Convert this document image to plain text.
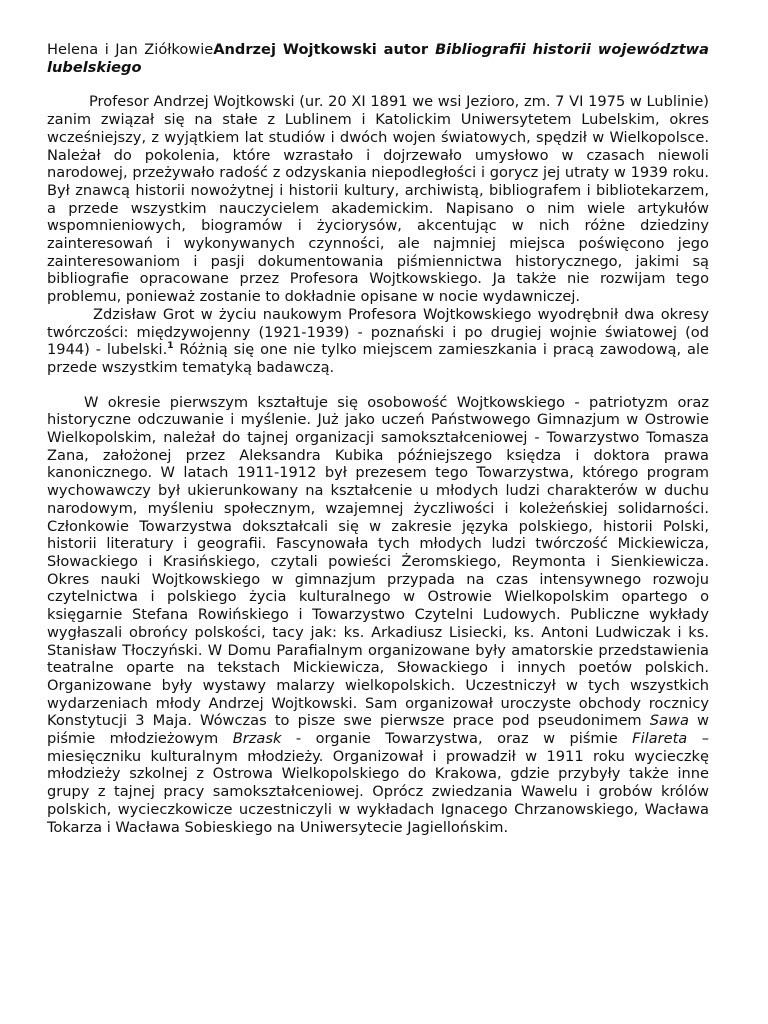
Helena i Jan ZiółkowieAndrzej Wojtkowski autor Bibliografii historii województwa lubelskiego

Profesor Andrzej Wojtkowski (ur. 20 XI 1891 we wsi Jezioro, zm. 7 VI 1975 w Lublinie) zanim związał się na stałe z Lublinem i Katolickim Uniwersytetem Lubelskim, okres wcześniejszy, z wyjątkiem lat studiów i dwóch wojen światowych, spędził w Wielkopolsce. Należał do pokolenia, które wzrastało i dojrzewało umysłowo w czasach niewoli narodowej, przeżywało radość z odzyskania niepodległości i gorycz jej utraty w 1939 roku. Był znawcą historii nowożytnej i historii kultury, archiwistą, bibliografem i bibliotekarzem, a przede wszystkim nauczycielem akademickim. Napisano o nim wiele artykułów wspomnieniowych, biogramów i życiorysów, akcentując w nich różne dziedziny zainteresowań i wykonywanych czynności, ale najmniej miejsca poświęcono jego zainteresowaniom i pasji dokumentowania piśmiennictwa historycznego, jakimi są bibliografie opracowane przez Profesora Wojtkowskiego. Ja także nie rozwijam tego problemu, ponieważ zostanie to dokładnie opisane w nocie wydawniczej.

Zdzisław Grot w życiu naukowym Profesora Wojtkowskiego wyodrębnił dwa okresy twórczości: międzywojenny (1921-1939) - poznański i po drugiej wojnie światowej (od 1944) - lubelski.$^1$ Różnią się one nie tylko miejscem zamieszkania i pracą zawodową, ale przede wszystkim tematyką badawczą.

W okresie pierwszym kształtuje się osobowość Wojtkowskiego - patriotyzm oraz historyczne odczuwanie i myślenie. Już jako uczeń Państwowego Gimnazjum w Ostrowie Wielkopolskim, należał do tajnej organizacji samokształceniowej - Towarzystwo Tomasza Zana, założonej przez Aleksandra Kubika późniejszego księdza i doktora prawa kanonicznego. W latach 1911-1912 był prezesem tego Towarzystwa, którego program wychowawczy był ukierunkowany na kształcenie u młodych ludzi charakterów w duchu narodowym, myśleniu społecznym, wzajemnej życzliwości i koleżeńskiej solidarności. Członkowie Towarzystwa dokształcali się w zakresie języka polskiego, historii Polski, historii literatury i geografii. Fascynowała tych młodych ludzi twórczość Mickiewicza, Słowackiego i Krasińskiego, czytali powieści Żeromskiego, Reymonta i Sienkiewicza. Okres nauki Wojtkowskiego w gimnazjum przypada na czas intensywnego rozwoju czytelnictwa i polskiego życia kulturalnego w Ostrowie Wielkopolskim opartego o księgarnie Stefana Rowińskiego i Towarzystwo Czytelni Ludowych. Publiczne wykłady wygłaszali obrońcy polskości, tacy jak: ks. Arkadiusz Lisiecki, ks. Antoni Ludwiczak i ks. Stanisław Tłoczyński. W Domu Parafialnym organizowane były amatorskie przedstawienia teatralne oparte na tekstach Mickiewicza, Słowackiego i innych poetów polskich. Organizowane były wystawy malarzy wielkopolskich. Uczestniczył w tych wszystkich wydarzeniach młody Andrzej Wojtkowski. Sam organizował uroczyste obchody rocznicy Konstytucji 3 Maja. Wówczas to pisze swe pierwsze prace pod pseudonimem Sawa w piśmie młodzieżowym Brzask - organie Towarzystwa, oraz w piśmie Filareta – miesięczniku kulturalnym młodzieży. Organizował i prowadził w 1911 roku wycieczkę młodzieży szkolnej z Ostrowa Wielkopolskiego do Krakowa, gdzie przybyły także inne grupy z tajnej pracy samokształceniowej. Oprócz zwiedzania Wawelu i grobów królów polskich, wycieczkowicze uczestniczyli w wykładach Ignacego Chrzanowskiego, Wacława Tokarza i Wacława Sobieskiego na Uniwersytecie Jagiellońskim.
